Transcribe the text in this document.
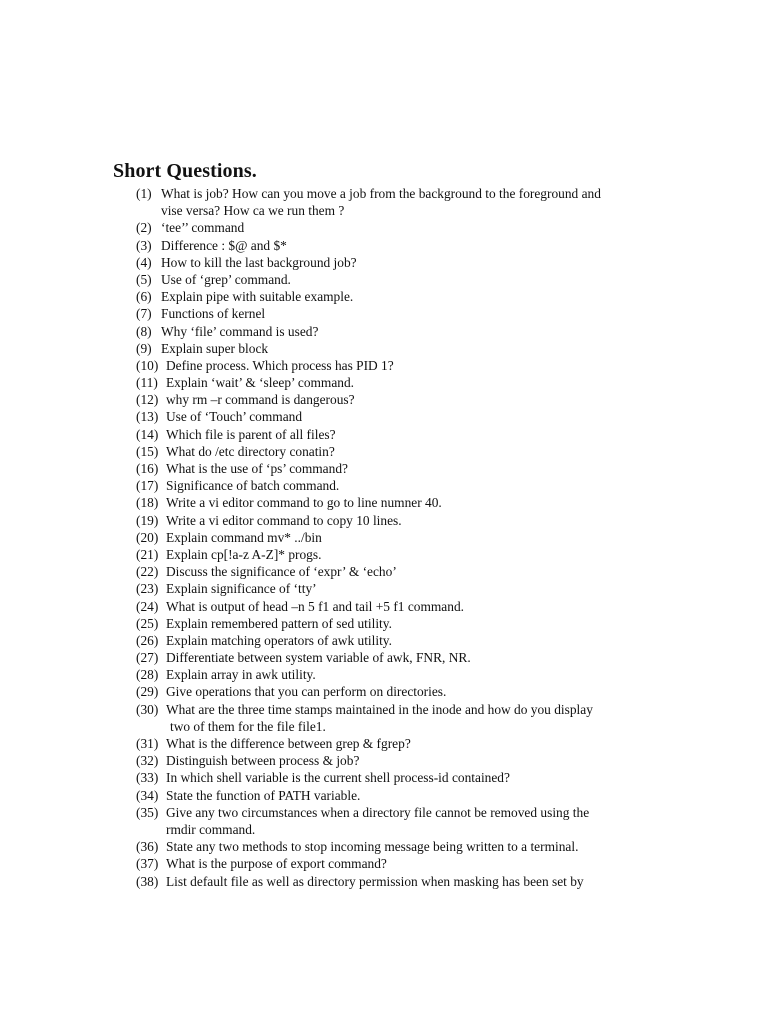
Short Questions.
(1) What is job? How can you move a job from the background to the foreground and
vise versa? How ca we run them ?
(2) ‘tee’’ command
(3) Difference : $@ and $*
(4) How to kill the last background job?
(5) Use of ‘grep’ command.
(6) Explain pipe with suitable example.
(7) Functions of kernel
(8) Why ‘file’ command is used?
(9) Explain super block
(10) Define process. Which process has PID 1?
(11) Explain ‘wait’ & ‘sleep’ command.
(12) why rm –r command is dangerous?
(13) Use of ‘Touch’ command
(14) Which file is parent of all files?
(15) What do /etc directory conatin?
(16) What is the use of ‘ps’ command?
(17) Significance of batch command.
(18) Write a vi editor command to go to line numner 40.
(19) Write a vi editor command to copy 10 lines.
(20) Explain command mv* ../bin
(21) Explain cp[!a-z A-Z]* progs.
(22) Discuss the significance of ‘expr’ & ‘echo’
(23) Explain significance of ‘tty’
(24) What is output of head –n 5 f1 and tail +5 f1 command.
(25) Explain remembered pattern of sed utility.
(26) Explain matching operators of awk utility.
(27) Differentiate between system variable of awk, FNR, NR.
(28) Explain array in awk utility.
(29) Give operations that you can perform on directories.
(30) What are the three time stamps maintained in the inode and how do you display
two of them for the file file1.
(31) What is the difference between grep & fgrep?
(32) Distinguish between process & job?
(33) In which shell variable is the current shell process-id contained?
(34) State the function of PATH variable.
(35) Give any two circumstances when a directory file cannot be removed using the
rmdir command.
(36) State any two methods to stop incoming message being written to a terminal.
(37) What is the purpose of export command?
(38) List default file as well as directory permission when masking has been set by
